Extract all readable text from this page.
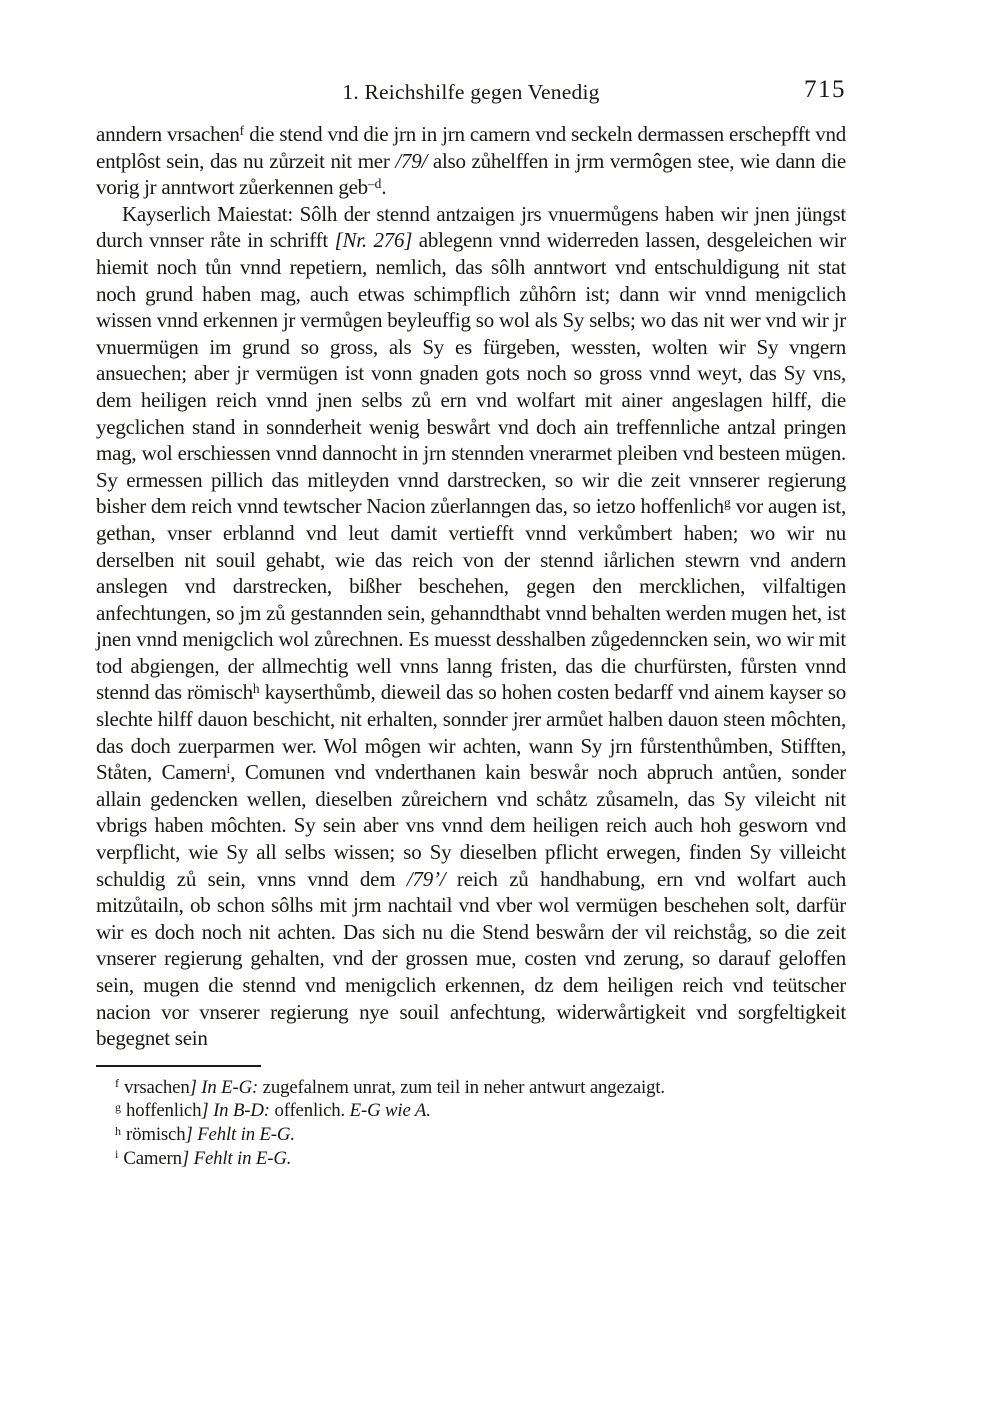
1. Reichshilfe gegen Venedig	715

anndern vrsachen$^f$ die stend vnd die jrn in jrn camern vnd seckeln dermassen erschepfft vnd entplôst sein, das nu zůrzeit nit mer /79/ also zůhelffen in jrm vermôgen stee, wie dann die vorig jr anntwort zůerkennen geb$^{-d}$.

Kayserlich Maiestat: Sôlh der stennd antzaigen jrs vnuermůgens haben wir jnen jüngst durch vnnser råte in schrifft [Nr. 276] ablegenn vnnd widerreden lassen, desgeleichen wir hiemit noch tůn vnnd repetiern, nemlich, das sôlh anntwort vnd entschuldigung nit stat noch grund haben mag, auch etwas schimpflich zůhôrn ist; dann wir vnnd menigclich wissen vnnd erkennen jr vermůgen beyleuffig so wol als Sy selbs; wo das nit wer vnd wir jr vnuermügen im grund so gross, als Sy es fürgeben, wessten, wolten wir Sy vngern ansuechen; aber jr vermügen ist vonn gnaden gots noch so gross vnnd weyt, das Sy vns, dem heiligen reich vnnd jnen selbs zů ern vnd wolfart mit ainer angeslagen hilff, die yegclichen stand in sonnderheit wenig beswårt vnd doch ain treffennliche antzal pringen mag, wol erschiessen vnnd dannocht in jrn stennden vnerarmet pleiben vnd besteen mügen. Sy ermessen pillich das mitleyden vnnd darstrecken, so wir die zeit vnnserer regierung bisher dem reich vnnd tewtscher Nacion zůerlanngen das, so ietzo hoffenlich$^g$ vor augen ist, gethan, vnser erblannd vnd leut damit vertiefft vnnd verkůmbert haben; wo wir nu derselben nit souil gehabt, wie das reich von der stennd iårlichen stewrn vnd andern anslegen vnd darstrecken, bißher beschehen, gegen den mercklichen, vilfaltigen anfechtungen, so jm zů gestannden sein, gehanndthabt vnnd behalten werden mugen het, ist jnen vnnd menigclich wol zůrechnen. Es muesst desshalben zůgedenncken sein, wo wir mit tod abgiengen, der allmechtig well vnns lanng fristen, das die churfürsten, fůrsten vnnd stennd das römisch$^h$ kayserthůmb, dieweil das so hohen costen bedarff vnd ainem kayser so slechte hilff dauon beschicht, nit erhalten, sonnder jrer armůet halben dauon steen môchten, das doch zuerparmen wer. Wol môgen wir achten, wann Sy jrn fůrstenthůmben, Stifften, Ståten, Camern$^i$, Comunen vnd vnderthanen kain beswår noch abpruch antůen, sonder allain gedencken wellen, dieselben zůreichern vnd schåtz zůsameln, das Sy vileicht nit vbrigs haben môchten. Sy sein aber vns vnnd dem heiligen reich auch hoh gesworn vnd verpflicht, wie Sy all selbs wissen; so Sy dieselben pflicht erwegen, finden Sy villeicht schuldig zů sein, vnns vnnd dem /79’/ reich zů handhabung, ern vnd wolfart auch mitzůtailn, ob schon sôlhs mit jrm nachtail vnd vber wol vermügen beschehen solt, darfür wir es doch noch nit achten. Das sich nu die Stend beswårn der vil reichståg, so die zeit vnserer regierung gehalten, vnd der grossen mue, costen vnd zerung, so darauf geloffen sein, mugen die stennd vnd menigclich erkennen, dz dem heiligen reich vnd teütscher nacion vor vnserer regierung nye souil anfechtung, widerwårtigkeit vnd sorgfeltigkeit begegnet sein

$^f$ vrsachen] In E-G: zugefalnem unrat, zum teil in neher antwurt angezaigt.

$^g$ hoffenlich] In B-D: offenlich. E-G wie A.

$^h$ römisch] Fehlt in E-G.

$^i$ Camern] Fehlt in E-G.
